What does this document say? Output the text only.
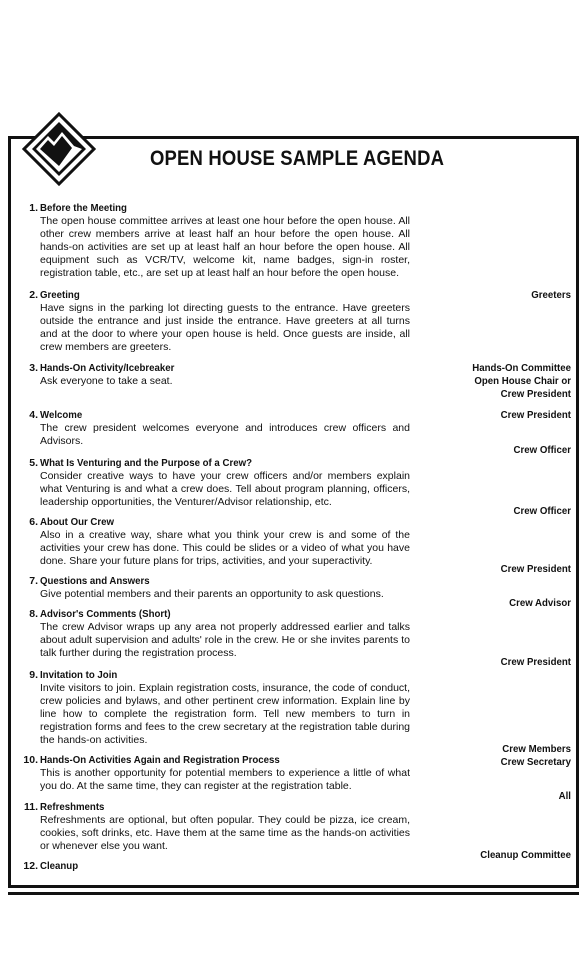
OPEN HOUSE SAMPLE AGENDA
1. Before the Meeting
The open house committee arrives at least one hour before the open house. All other crew members arrive at least half an hour before the open house. All hands-on activities are set up at least half an hour before the open house. All equipment such as VCR/TV, welcome kit, name badges, sign-in roster, registration table, etc., are set up at least half an hour before the open house.
2. Greeting
Have signs in the parking lot directing guests to the entrance. Have greeters outside the entrance and just inside the entrance. Have greeters at all turns and at the door to where your open house is held. Once guests are inside, all crew members are greeters.
3. Hands-On Activity/Icebreaker
Ask everyone to take a seat.
4. Welcome
The crew president welcomes everyone and introduces crew officers and Advisors.
5. What Is Venturing and the Purpose of a Crew?
Consider creative ways to have your crew officers and/or members explain what Venturing is and what a crew does. Tell about program planning, officers, leadership opportunities, the Venturer/Advisor relationship, etc.
6. About Our Crew
Also in a creative way, share what you think your crew is and some of the activities your crew has done. This could be slides or a video of what you have done. Share your future plans for trips, activities, and your superactivity.
7. Questions and Answers
Give potential members and their parents an opportunity to ask questions.
8. Advisor's Comments (Short)
The crew Advisor wraps up any area not properly addressed earlier and talks about adult supervision and adults' role in the crew. He or she invites parents to talk further during the registration process.
9. Invitation to Join
Invite visitors to join. Explain registration costs, insurance, the code of conduct, crew policies and bylaws, and other pertinent crew information. Explain line by line how to complete the registration form. Tell new members to turn in registration forms and fees to the crew secretary at the registration table during the hands-on activities.
10. Hands-On Activities Again and Registration Process
This is another opportunity for potential members to experience a little of what you do. At the same time, they can register at the registration table.
11. Refreshments
Refreshments are optional, but often popular. They could be pizza, ice cream, cookies, soft drinks, etc. Have them at the same time as the hands-on activities or whenever else you want.
12. Cleanup
Greeters
Hands-On Committee
Open House Chair or
Crew President
Crew President
Crew Officer
Crew Officer
Crew President
Crew Advisor
Crew President
Crew Members
Crew Secretary
All
Cleanup Committee
